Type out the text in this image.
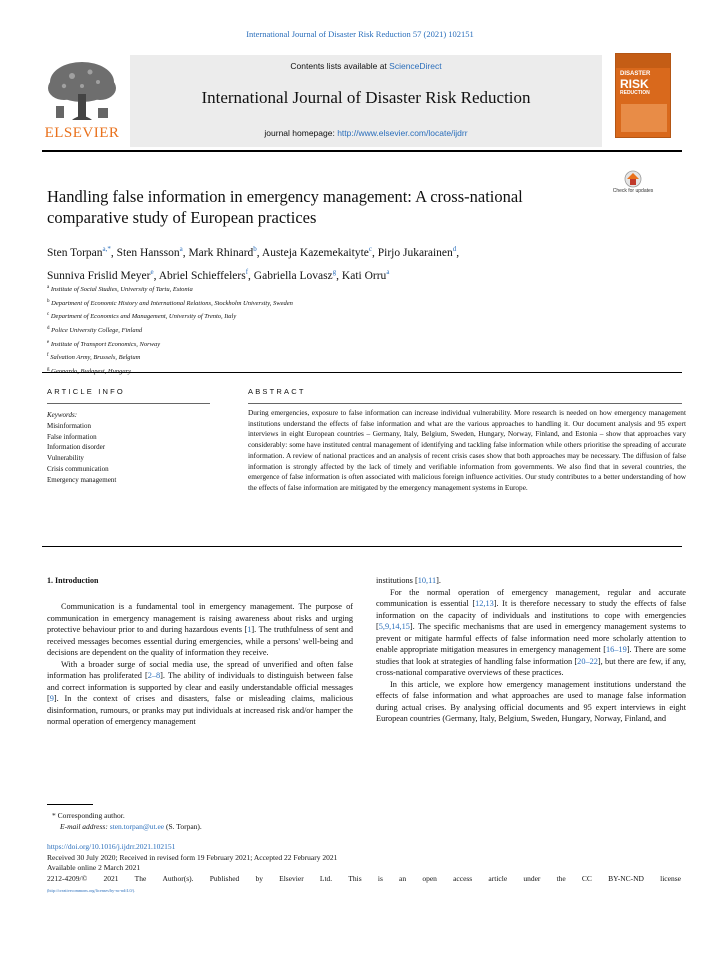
International Journal of Disaster Risk Reduction 57 (2021) 102151
ELSEVIER
Contents lists available at ScienceDirect
International Journal of Disaster Risk Reduction
journal homepage: http://www.elsevier.com/locate/ijdrr
DISASTER
RISK
REDUCTION
Check for updates
Handling false information in emergency management: A cross-national
comparative study of European practices
Sten Torpan$^{a,*}$, Sten Hansson$^a$, Mark Rhinard$^b$, Austeja Kazemekaityte$^c$, Pirjo Jukarainen$^d$,
Sunniva Frislid Meyer$^e$, Abriel Schieffelers$^f$, Gabriella Lovasz$^g$, Kati Orru$^a$
$^a$ Institute of Social Studies, University of Tartu, Estonia
$^b$ Department of Economic History and International Relations, Stockholm University, Sweden
$^c$ Department of Economics and Management, University of Trento, Italy
$^d$ Police University College, Finland
$^e$ Institute of Transport Economics, Norway
$^f$ Salvation Army, Brussels, Belgium
$^g$
ARTICLE INFO
Keywords:
Misinformation
False information
Information disorder
Vulnerability
Crisis communication
Emergency management
ABSTRACT
During emergencies, exposure to false information can increase individual vulnerability. More research is needed on how emergency management institutions understand the effects of false information and what are the various approaches to handling it. Our document analysis and 95 expert interviews in eight European countries – Germany, Italy, Belgium, Sweden, Hungary, Norway, Finland, and Estonia – show that approaches vary considerably: some have instituted central management of identifying and tackling false information while others prioritise the spreading of accurate information. A review of national practices and an analysis of recent crisis cases show that both approaches may be necessary. The diffusion of false information is strongly affected by the lack of timely and verifiable information from governments. We also find that in several countries, the emergence of false information is often associated with malicious foreign influence activities. Our study contributes to a better understanding of how the effects of false information are mitigated by the emergency management systems in Europe.
1. Introduction

Communication is a fundamental tool in emergency management. The purpose of communication in emergency management is raising awareness about risks and urging protective behaviour prior to and during hazardous events [1]. The truthfulness of sent and received messages becomes essential during emergencies, while a persons' well-being and decisions are dependent on the quality of information they receive.

With a broader surge of social media use, the spread of unverified and often false information has proliferated [2–8]. The ability of individuals to distinguish between false and correct information is supported by clear and easily understandable official messages [9]. In the context of crises and disasters, false or misleading claims, malicious disinformation, rumours, or pranks may put individuals at increased risk and/or hamper the normal operation of emergency management

institutions [10,11].

For the normal operation of emergency management, regular and accurate communication is essential [12,13]. It is therefore necessary to study the effects of false information on the capacity of individuals and institutions to cope with emergencies [5,9,14,15]. The specific mechanisms that are used in emergency management systems to prevent or mitigate harmful effects of false information need more scholarly attention to enable appropriate mitigation measures in emergency management [16–19]. There are some studies that look at strategies of handling false information [20–22], but there are few, if any, cross-national comparative overviews of these practices.

In this article, we explore how emergency management institutions understand the effects of false information and what approaches are used to manage false information during actual crises. By analysing official documents and 95 expert interviews in eight European countries (Germany, Italy, Belgium, Sweden, Hungary, Norway, Finland, and

* Corresponding author.
E-mail address: sten.torpan@ut.ee (S. Torpan).
https://doi.org/10.1016/j.ijdrr.2021.102151
Received 30 July 2020; Received in revised form 19 February 2021; Accepted 22 February 2021
Available online 2 March 2021
2212-4209/© 2021 The Author(s). Published by Elsevier Ltd. This is an open access article under the CC BY-NC-ND license
(http://creativecommons.org/licenses/by-nc-nd/4.0/).
